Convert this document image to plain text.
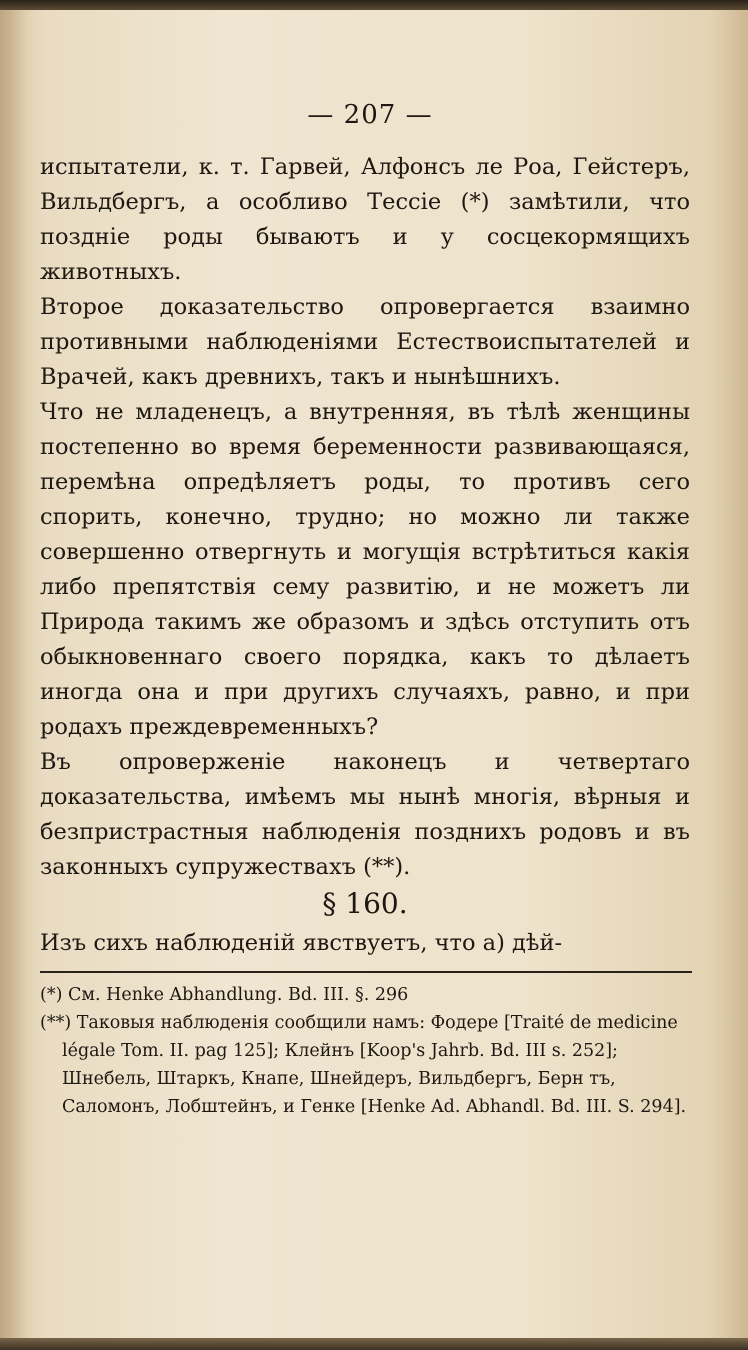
— 207 —

испытатели, к. т. Гарвей, Алфонсъ ле Роа, Гейстеръ, Вильдбергъ, а особливо Тессіе (*) замѣтили, что поздніе роды бываютъ и у сосцекормящихъ животныхъ.

Второе доказательство опровергается взаимно противными наблюденіями Естествоиспытателей и Врачей, какъ древнихъ, такъ и нынѣшнихъ.

Что не младенецъ, а внутренняя, въ тѣлѣ женщины постепенно во время беременности развивающаяся, перемѣна опредѣляетъ роды, то противъ сего спорить, конечно, трудно; но можно ли также совершенно отвергнуть и могущія встрѣтиться какія либо препятствія сему развитію, и не можетъ ли Природа такимъ же образомъ и здѣсь отступить отъ обыкновеннаго своего порядка, какъ то дѣлаетъ иногда она и при другихъ случаяхъ, равно, и при родахъ преждевременныхъ?

Въ опроверженіе наконецъ и четвертаго доказательства, имѣемъ мы нынѣ многія, вѣрныя и безпристрастныя наблюденія позднихъ родовъ и въ законныхъ супружествахъ (**).

§ 160.

Изъ сихъ наблюденій явствуетъ, что а) дѣй-

(*) См. Henke Abhandlung. Bd. III. §. 296

(**) Таковыя наблюденія сообщили намъ: Фодере [Traité de medicine légale Tom. II. pag 125]; Клейнъ [Koop's Jahrb. Bd. III s. 252]; Шнебель, Штаркъ, Кнапе, Шнейдеръ, Вильдбергъ, Берн тъ, Саломонъ, Лобштейнъ, и Генке [Henke Ad. Abhandl. Bd. III. S. 294].
